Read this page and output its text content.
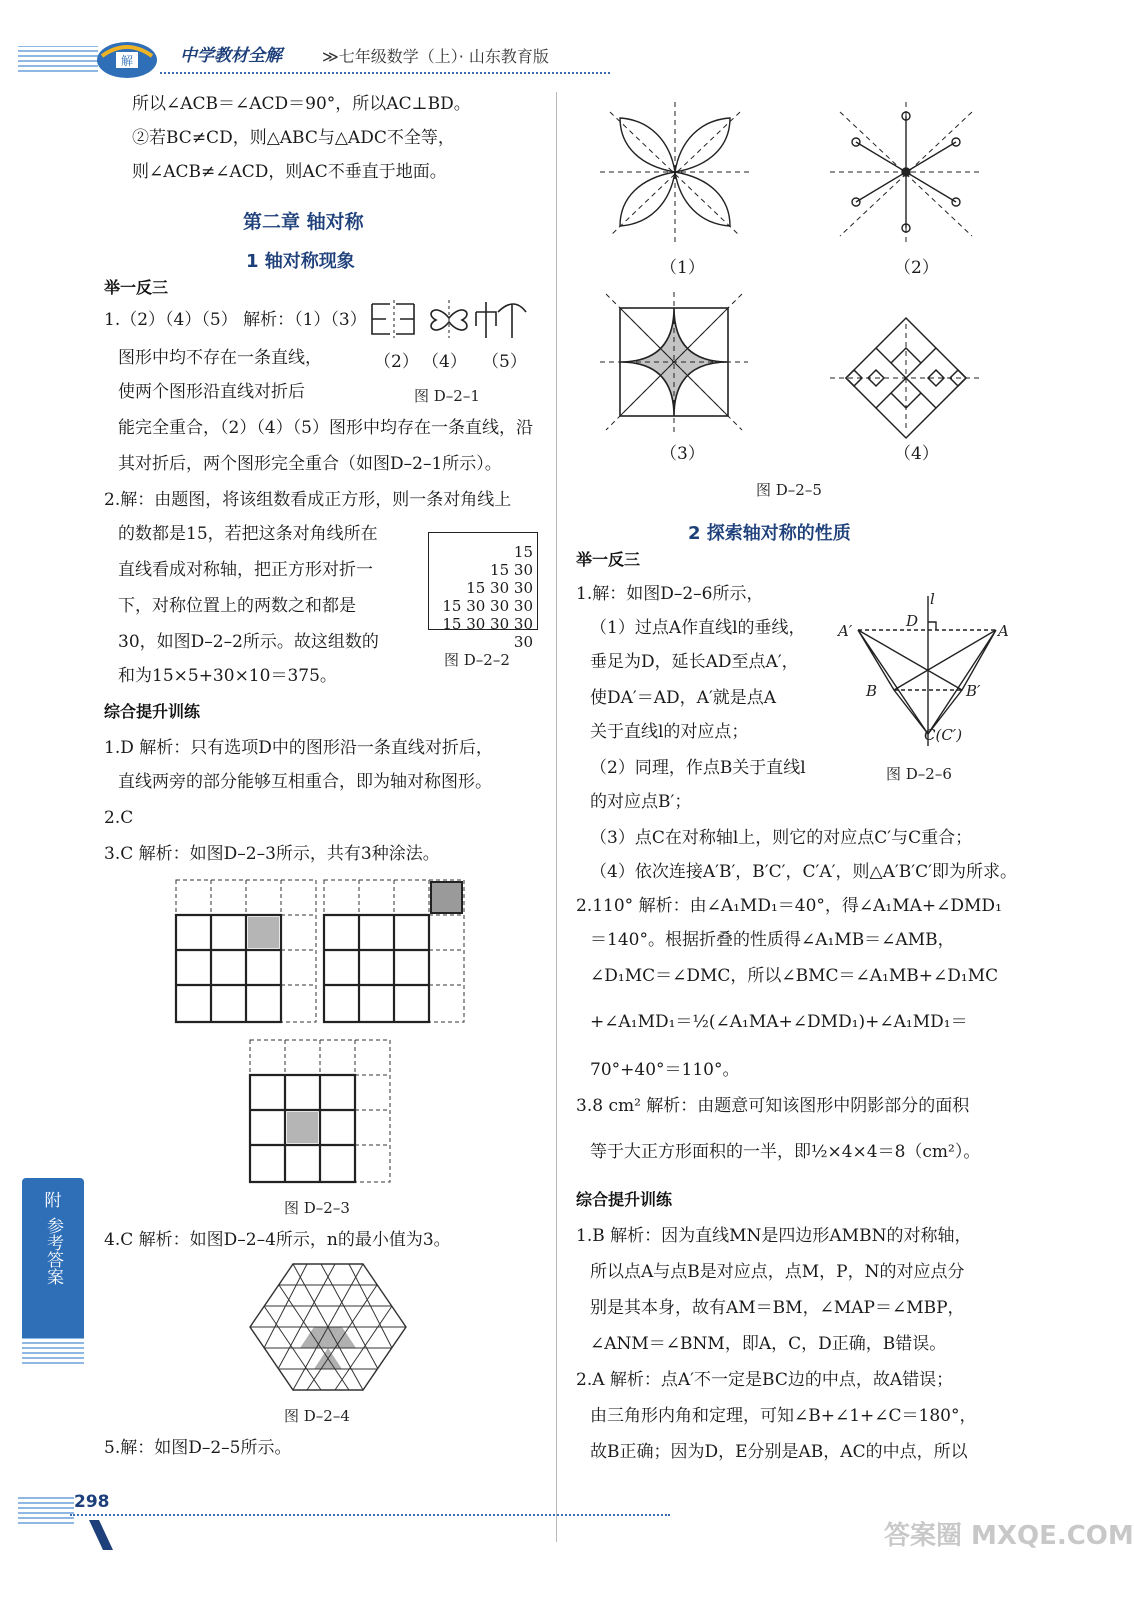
解	中学教材全解	≫七年级数学（上）· 山东教育版
所以∠ACB＝∠ACD＝90°，所以AC⊥BD。
②若BC≠CD，则△ABC与△ADC不全等，
则∠ACB≠∠ACD，则AC不垂直于地面。
第二章 轴对称
1 轴对称现象
举一反三
1.（2）（4）（5） 解析：（1）（3）
图形中均不存在一条直线，
使两个图形沿直线对折后
能完全重合，（2）（4）（5）图形中均存在一条直线，沿
其对折后，两个图形完全重合（如图D–2–1所示）。
（2） （4） （5）
图 D–2–1
2.解：由题图，将该组数看成正方形，则一条对角线上
的数都是15，若把这条对角线所在
直线看成对称轴，把正方形对折一
下，对称位置上的两数之和都是
30，如图D–2–2所示。故这组数的
和为15×5+30×10＝375。
15
15 30
15 30 30
15 30 30 30
15 30 30 30 30
图 D–2–2
综合提升训练
1.D 解析：只有选项D中的图形沿一条直线对折后，
直线两旁的部分能够互相重合，即为轴对称图形。
2.C
3.C 解析：如图D–2–3所示，共有3种涂法。
图 D–2–3
4.C 解析：如图D–2–4所示，n的最小值为3。
图 D–2–4
5.解：如图D–2–5所示。
（1）	（2）
（3）	（4）
图 D–2–5
2 探索轴对称的性质
举一反三
1.解：如图D–2–6所示，
（1）过点A作直线l的垂线，
垂足为D，延长AD至点A′，
使DA′＝AD，A′就是点A
关于直线l的对应点；
（2）同理，作点B关于直线l
的对应点B′；
（3）点C在对称轴l上，则它的对应点C′与C重合；
（4）依次连接A′B′，B′C′，C′A′，则△A′B′C′即为所求。
l
D
A′	A
B	B′
C(C′)
图 D–2–6
2.110° 解析：由∠A₁MD₁＝40°，得∠A₁MA+∠DMD₁
＝140°。根据折叠的性质得∠A₁MB＝∠AMB，
∠D₁MC＝∠DMC，所以∠BMC＝∠A₁MB+∠D₁MC
+∠A₁MD₁＝½(∠A₁MA+∠DMD₁)+∠A₁MD₁＝
70°+40°＝110°。
3.8 cm² 解析：由题意可知该图形中阴影部分的面积
等于大正方形面积的一半，即½×4×4＝8（cm²）。
综合提升训练
1.B 解析：因为直线MN是四边形AMBN的对称轴，
所以点A与点B是对应点，点M，P，N的对应点分
别是其本身，故有AM＝BM，∠MAP＝∠MBP，
∠ANM＝∠BNM，即A，C，D正确，B错误。
2.A 解析：点A′不一定是BC边的中点，故A错误；
由三角形内角和定理，可知∠B+∠1+∠C＝180°，
故B正确；因为D，E分别是AB，AC的中点，所以
附
参考答案
298
答案圈 MXQE.COM
